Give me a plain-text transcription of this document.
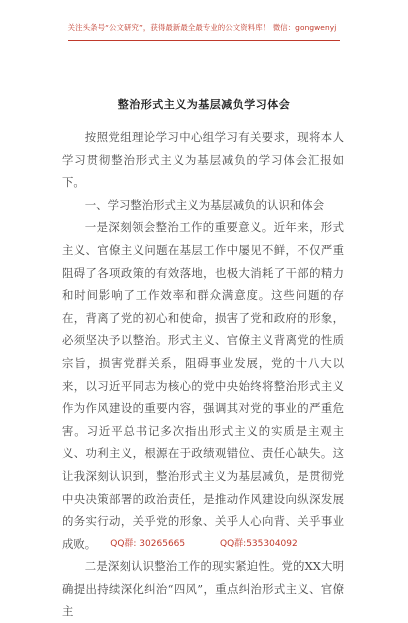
关注头条号“公文研究”，获得最新最全最专业的公文资料库！ 微信：gongwenyj
整治形式主义为基层减负学习体会

按照党组理论学习中心组学习有关要求，现将本人学习贯彻整治形式主义为基层减负的学习体会汇报如下。

一、学习整治形式主义为基层减负的认识和体会

一是深刻领会整治工作的重要意义。近年来，形式主义、官僚主义问题在基层工作中屡见不鲜，不仅严重阻碍了各项政策的有效落地，也极大消耗了干部的精力和时间影响了工作效率和群众满意度。这些问题的存在，背离了党的初心和使命，损害了党和政府的形象，必须坚决予以整治。形式主义、官僚主义背离党的性质宗旨，损害党群关系，阻碍事业发展，党的十八大以来，以习近平同志为核心的党中央始终将整治形式主义作为作风建设的重要内容，强调其对党的事业的严重危害。习近平总书记多次指出形式主义的实质是主观主义、功利主义，根源在于政绩观错位、责任心缺失。这让我深刻认识到，整治形式主义为基层减负，是贯彻党中央决策部署的政治责任，是推动作风建设向纵深发展的务实行动，关乎党的形象、关乎人心向背、关乎事业成败。

二是深刻认识整治工作的现实紧迫性。党的XX大明确提出持续深化纠治“四风”，重点纠治形式主义、官僚主

QQ群: 30265665	QQ群:535304092
